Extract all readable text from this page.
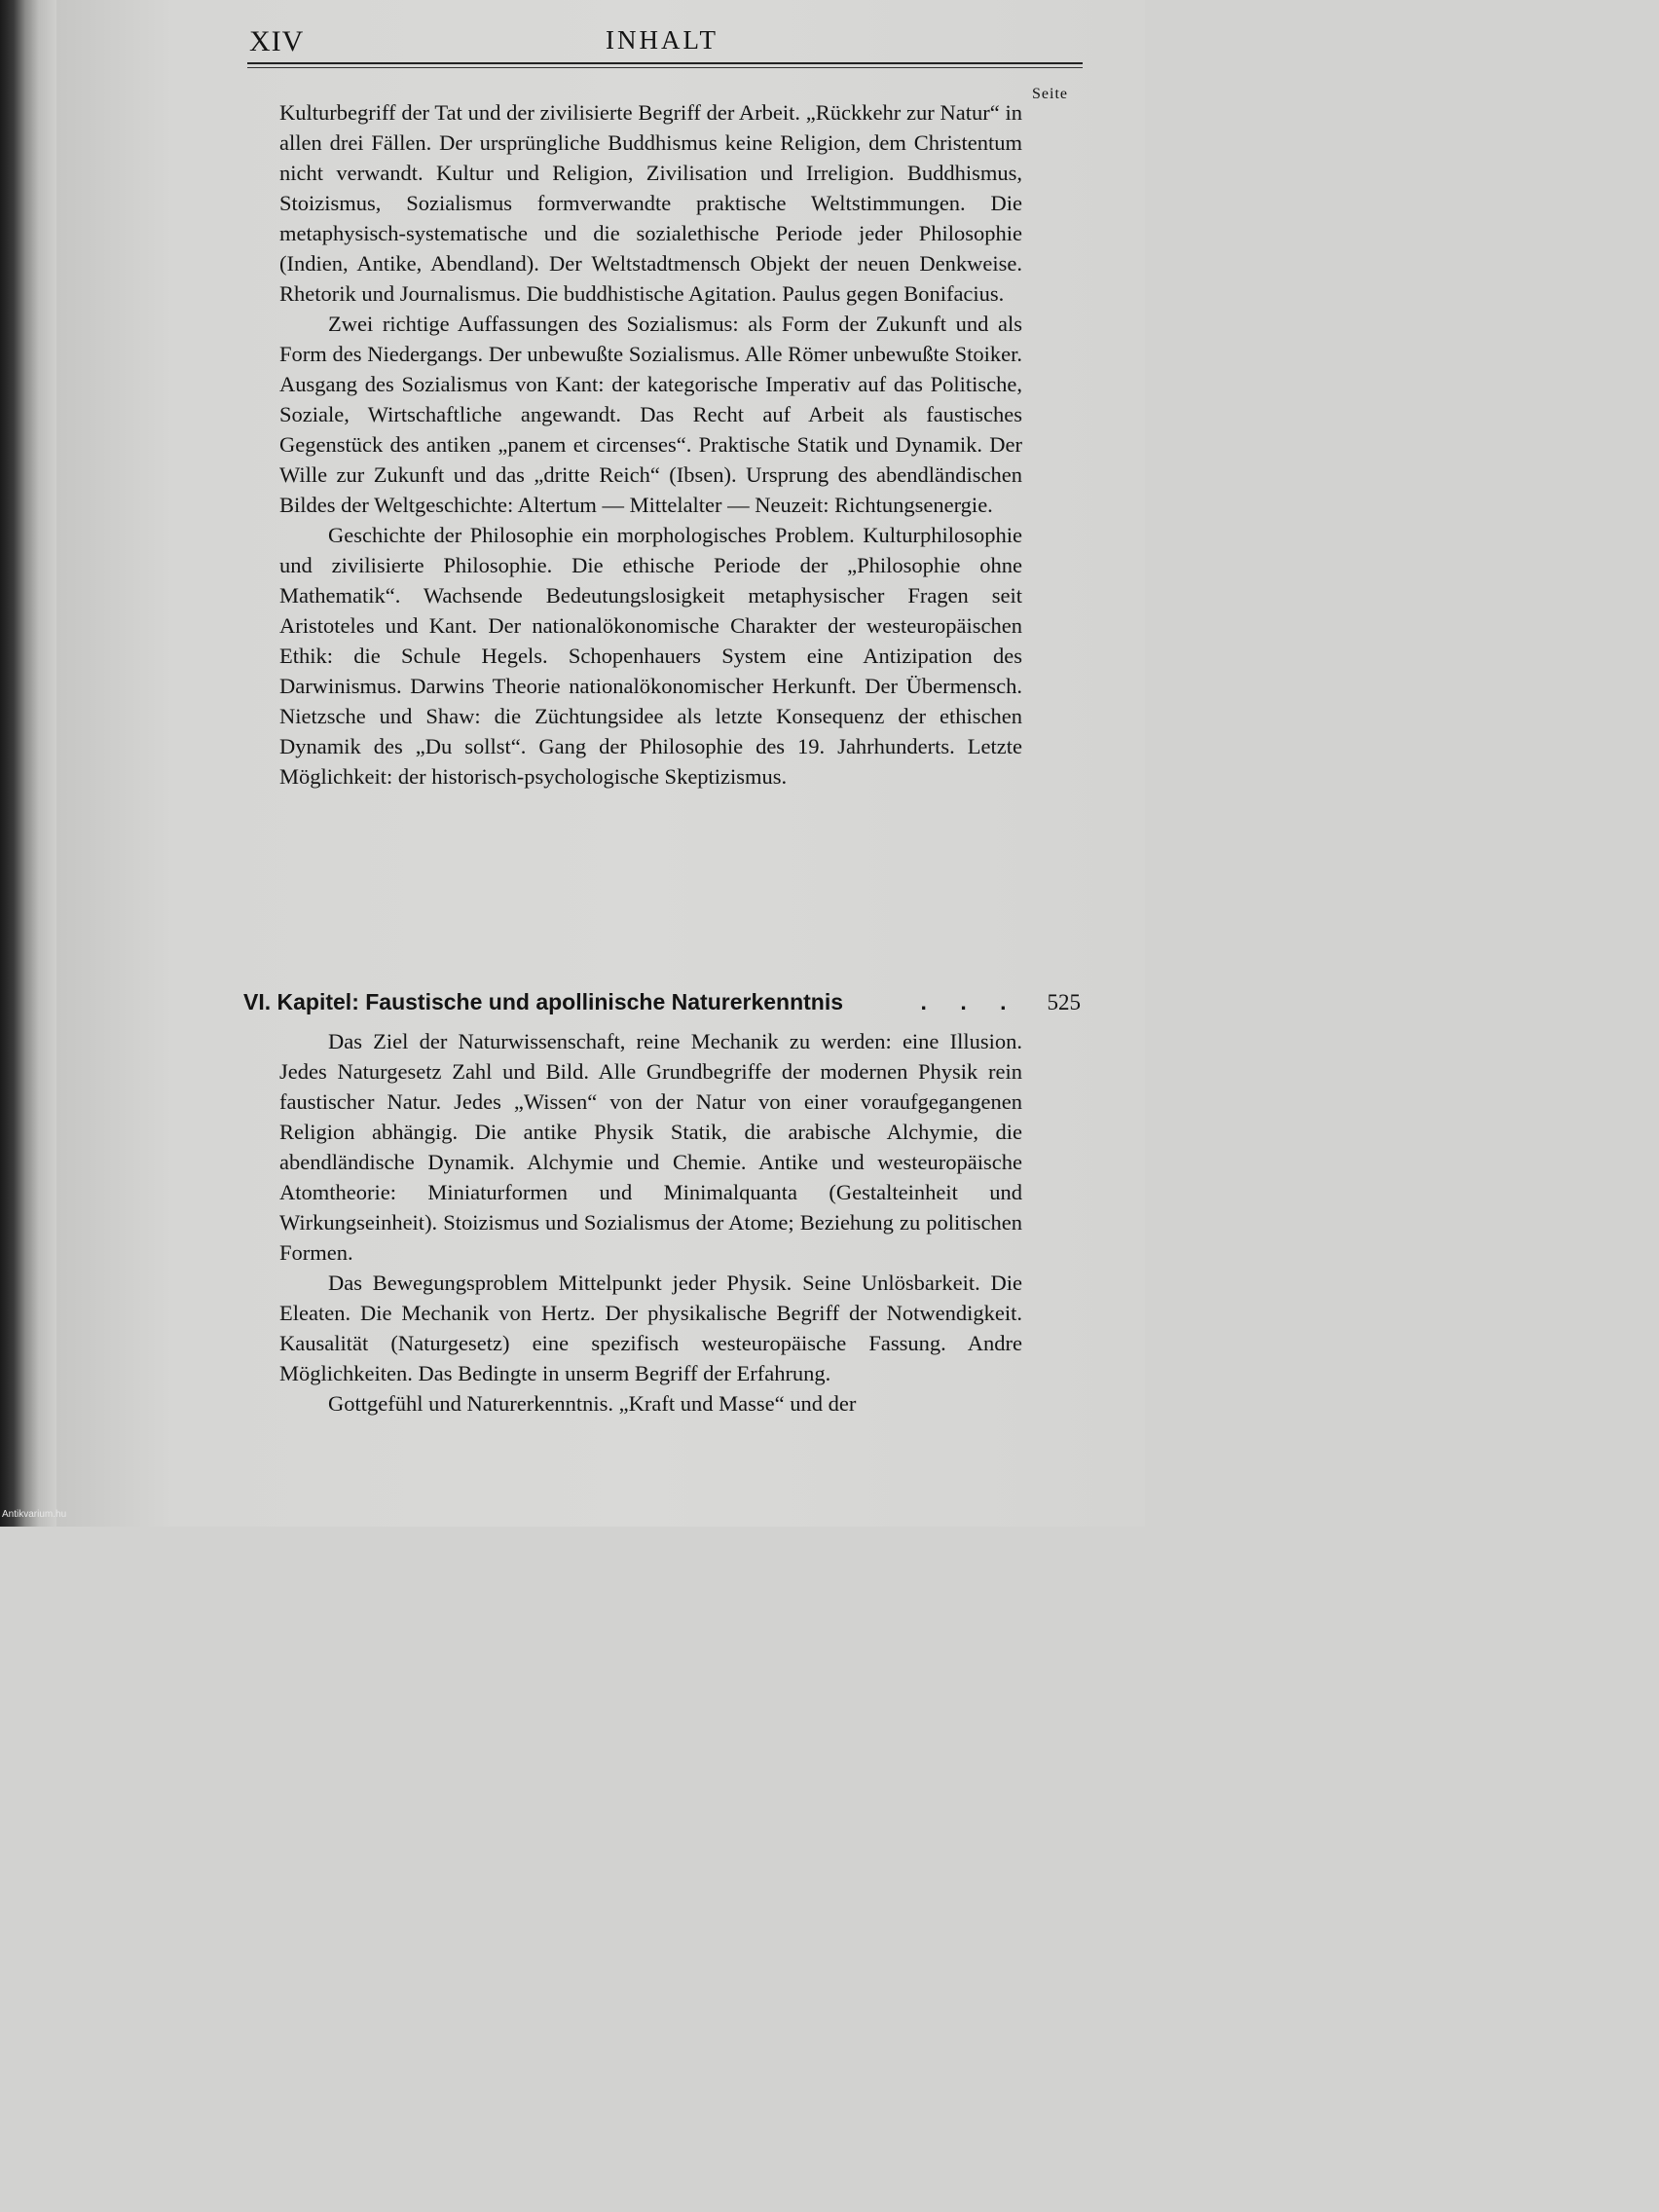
XIV	INHALT
Seite

Kulturbegriff der Tat und der zivilisierte Begriff der Arbeit. „Rückkehr zur Natur“ in allen drei Fällen. Der ursprüngliche Buddhismus keine Religion, dem Christentum nicht verwandt. Kultur und Religion, Zivilisation und Irreligion. Buddhismus, Stoizismus, Sozialismus formverwandte praktische Weltstimmungen. Die metaphysisch-systematische und die sozialethische Periode jeder Philosophie (Indien, Antike, Abendland). Der Weltstadtmensch Objekt der neuen Denkweise. Rhetorik und Journalismus. Die buddhistische Agitation. Paulus gegen Bonifacius.

Zwei richtige Auffassungen des Sozialismus: als Form der Zukunft und als Form des Niedergangs. Der unbewußte Sozialismus. Alle Römer unbewußte Stoiker. Ausgang des Sozialismus von Kant: der kategorische Imperativ auf das Politische, Soziale, Wirtschaftliche angewandt. Das Recht auf Arbeit als faustisches Gegenstück des antiken „panem et circenses“. Praktische Statik und Dynamik. Der Wille zur Zukunft und das „dritte Reich“ (Ibsen). Ursprung des abendländischen Bildes der Weltgeschichte: Altertum — Mittelalter — Neuzeit: Richtungsenergie.

Geschichte der Philosophie ein morphologisches Problem. Kulturphilosophie und zivilisierte Philosophie. Die ethische Periode der „Philosophie ohne Mathematik“. Wachsende Bedeutungslosigkeit metaphysischer Fragen seit Aristoteles und Kant. Der nationalökonomische Charakter der westeuropäischen Ethik: die Schule Hegels. Schopenhauers System eine Antizipation des Darwinismus. Darwins Theorie nationalökonomischer Herkunft. Der Übermensch. Nietzsche und Shaw: die Züchtungsidee als letzte Konsequenz der ethischen Dynamik des „Du sollst“. Gang der Philosophie des 19. Jahrhunderts. Letzte Möglichkeit: der historisch-psychologische Skeptizismus.

VI. Kapitel: Faustische und apollinische Naturerkenntnis	. . .	525

Das Ziel der Naturwissenschaft, reine Mechanik zu werden: eine Illusion. Jedes Naturgesetz Zahl und Bild. Alle Grundbegriffe der modernen Physik rein faustischer Natur. Jedes „Wissen“ von der Natur von einer voraufgegangenen Religion abhängig. Die antike Physik Statik, die arabische Alchymie, die abendländische Dynamik. Alchymie und Chemie. Antike und westeuropäische Atomtheorie: Miniaturformen und Minimalquanta (Gestalteinheit und Wirkungseinheit). Stoizismus und Sozialismus der Atome; Beziehung zu politischen Formen.

Das Bewegungsproblem Mittelpunkt jeder Physik. Seine Unlösbarkeit. Die Eleaten. Die Mechanik von Hertz. Der physikalische Begriff der Notwendigkeit. Kausalität (Naturgesetz) eine spezifisch westeuropäische Fassung. Andre Möglichkeiten. Das Bedingte in unserm Begriff der Erfahrung.

Gottgefühl und Naturerkenntnis. „Kraft und Masse“ und der

Antikvarium.hu
